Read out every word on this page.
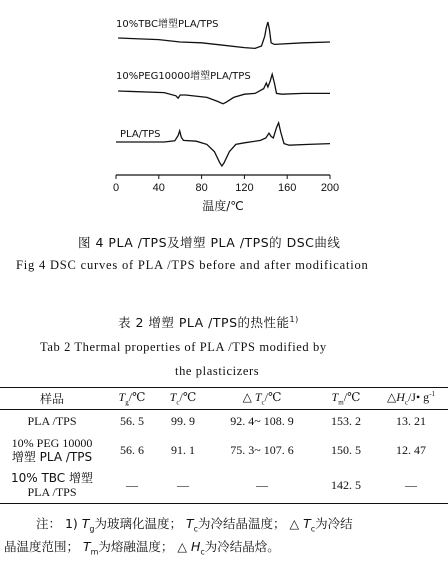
0	40	80 120 160 200
10%TBC增塑PLA/TPS
10%PEG10000增塑PLA/TPS
PLA/TPS
温度/℃
图 4 PLA /TPS及增塑 PLA /TPS的 DSC曲线
Fig 4 DSC curves of PLA /TPS before and after modification
表 2 增塑 PLA /TPS的热性能$^{1)}$
Tab 2 Thermal properties of PLA /TPS modified by
the plasticizers
样品	$T_g/℃$	$T_c/℃$	△ $T_c/℃$	$T_m/℃$	$\triangle H_c/J•$ $g^{-1}$
PLA /TPS	56. 5	99. 9	92. 4~ 108. 9	153. 2	13. 21
10% PEG 10000
增塑 PLA /TPS	56. 6	91. 1	75. 3~ 107. 6	150. 5	12. 47
10% TBC 增塑
PLA /TPS	—	—	—	142. 5	—
注： 1) $T_g$为玻璃化温度； $T_c$为冷结晶温度； △ $T_c$为冷结
晶温度范围； $T_m$为熔融温度； △ $H_c$为冷结晶焓。
